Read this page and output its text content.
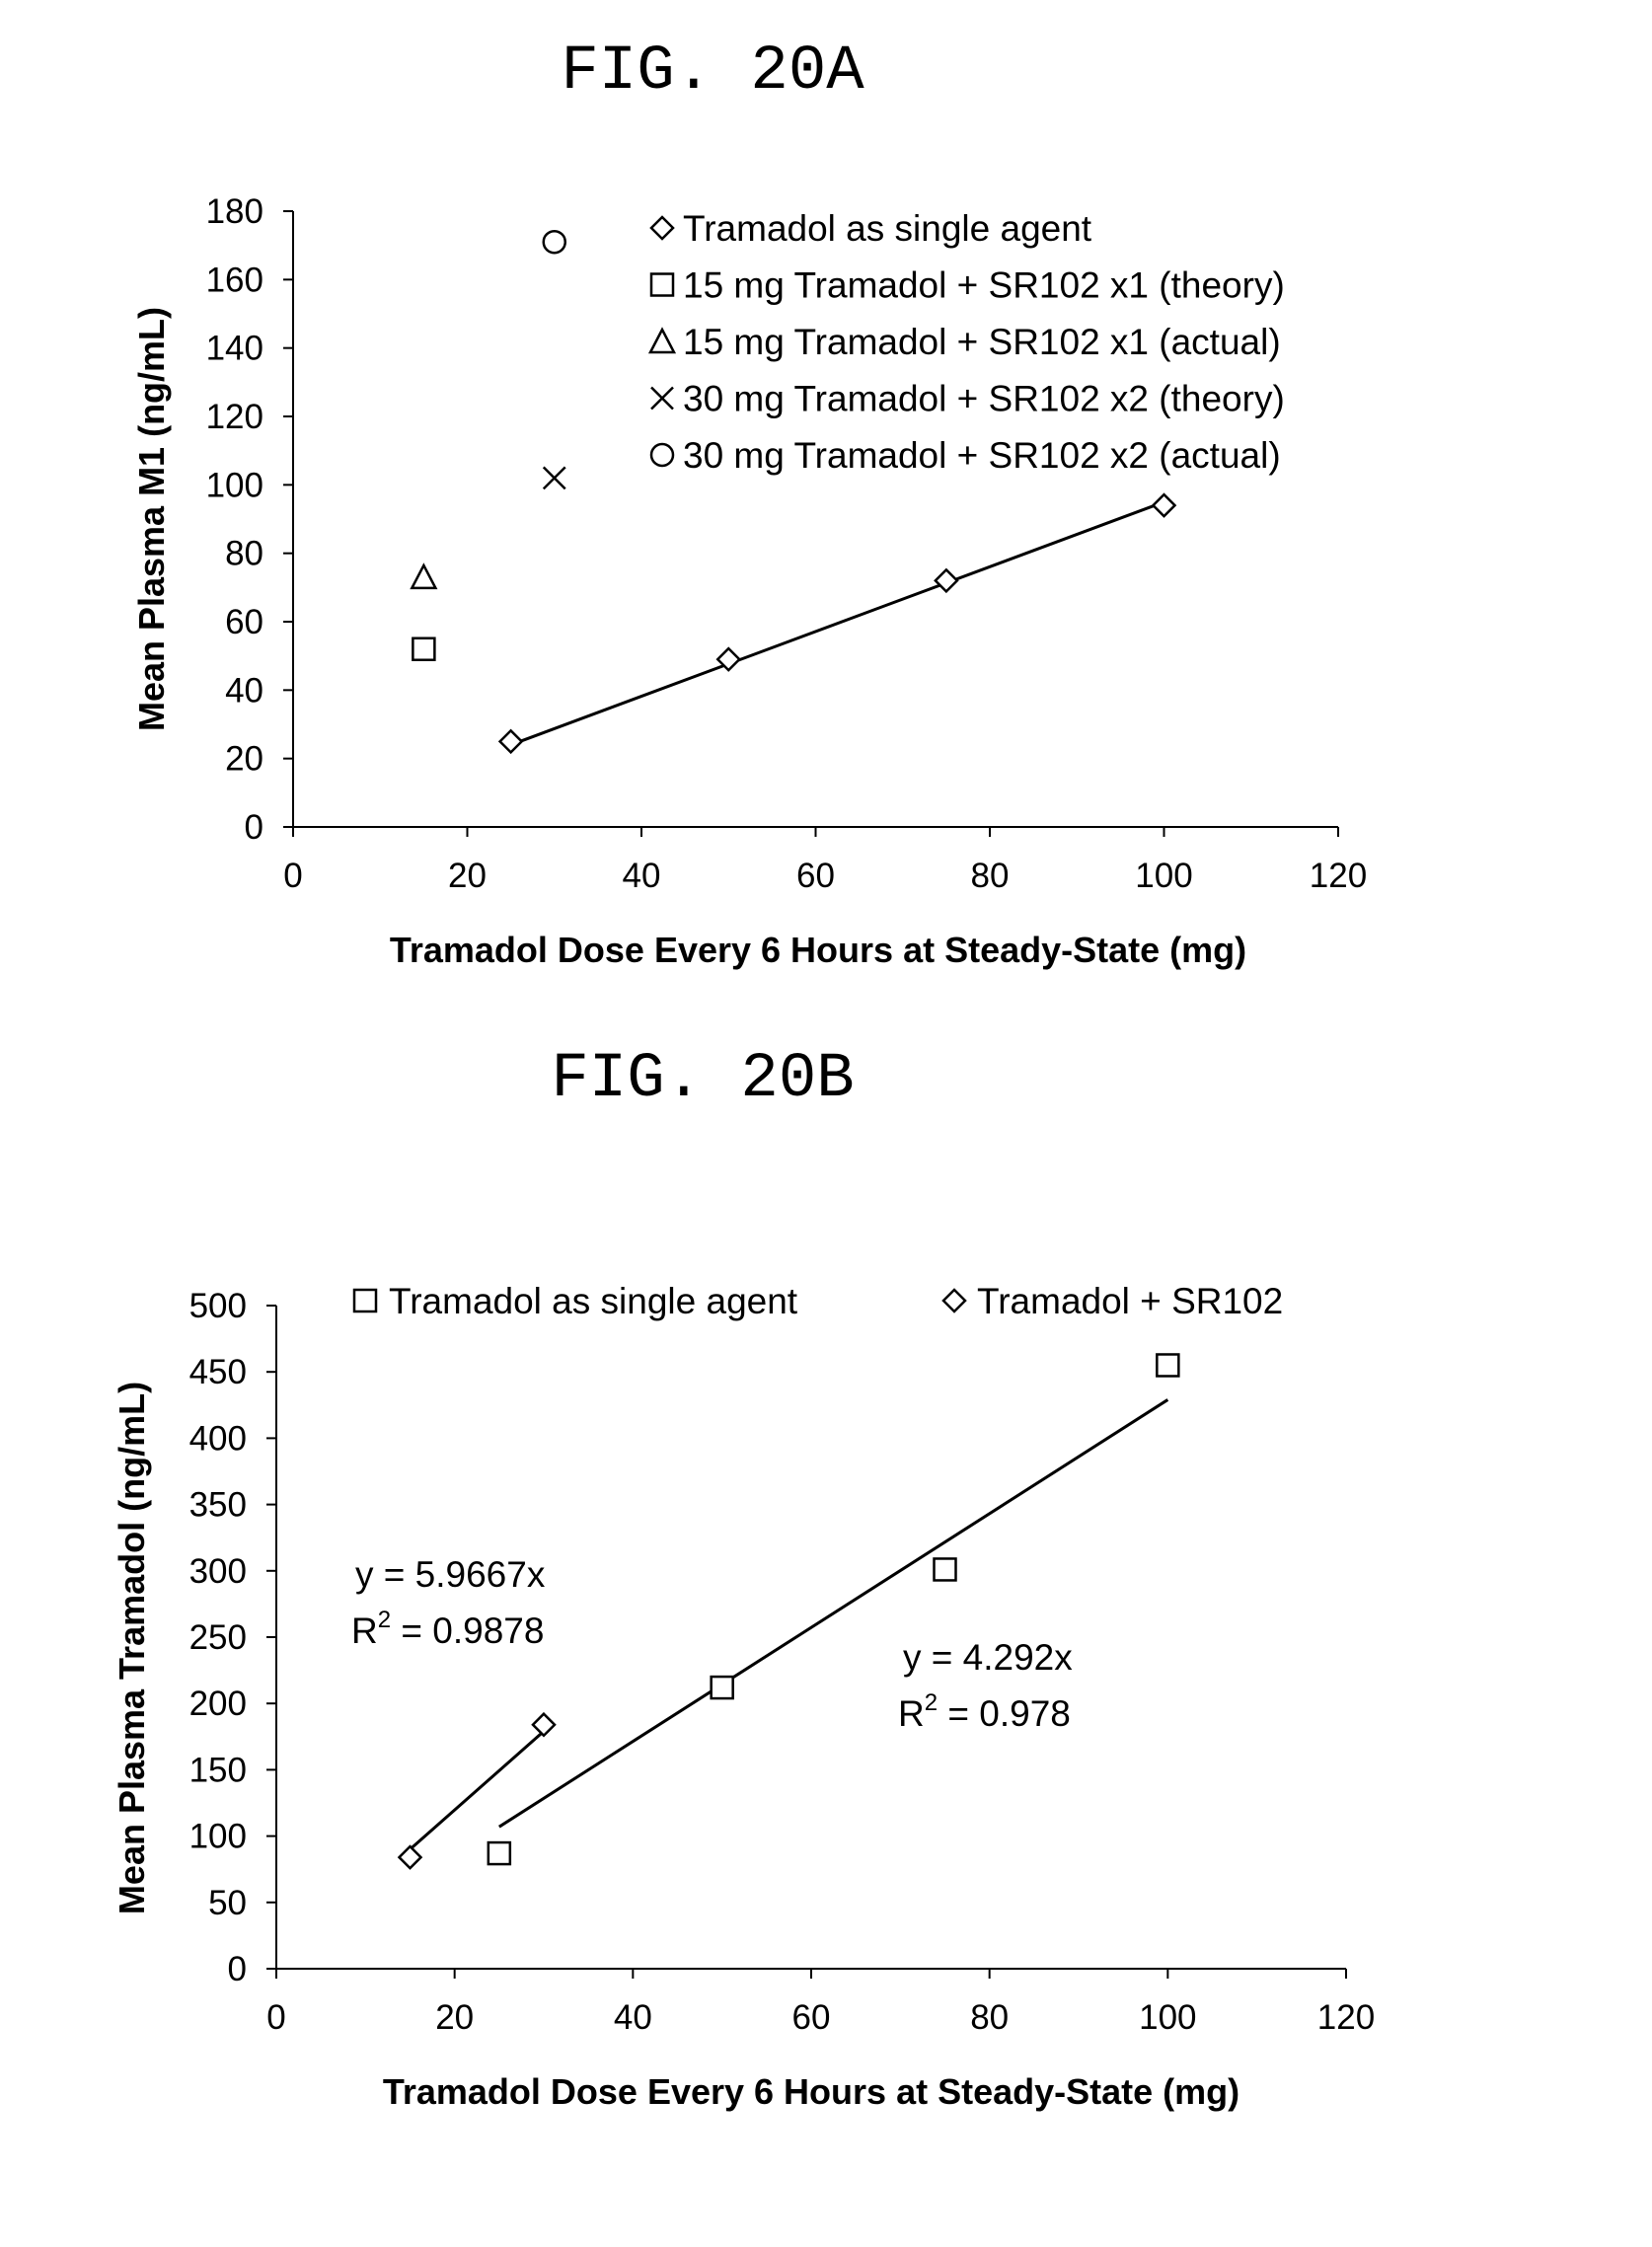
FIG. 20A
0
20
40
60
80
100
120
140
160
180
0	20	40	60	80	100	120
Mean Plasma M1 (ng/mL)
Tramadol Dose Every 6 Hours at Steady-State (mg)
Tramadol as single agent
15 mg Tramadol + SR102 x1 (theory)
15 mg Tramadol + SR102 x1 (actual)
30 mg Tramadol + SR102 x2 (theory)
30 mg Tramadol + SR102 x2 (actual)
FIG. 20B
0
50
100
150
200
250
300
350
400
450
500
0	20	40	60	80	100	120
Mean Plasma Tramadol (ng/mL)
Tramadol Dose Every 6 Hours at Steady-State (mg)
Tramadol as single agent	Tramadol + SR102
y = 5.9667x
$R^2 = 0.9878$
y = 4.292x
$R^2 = 0.978$
